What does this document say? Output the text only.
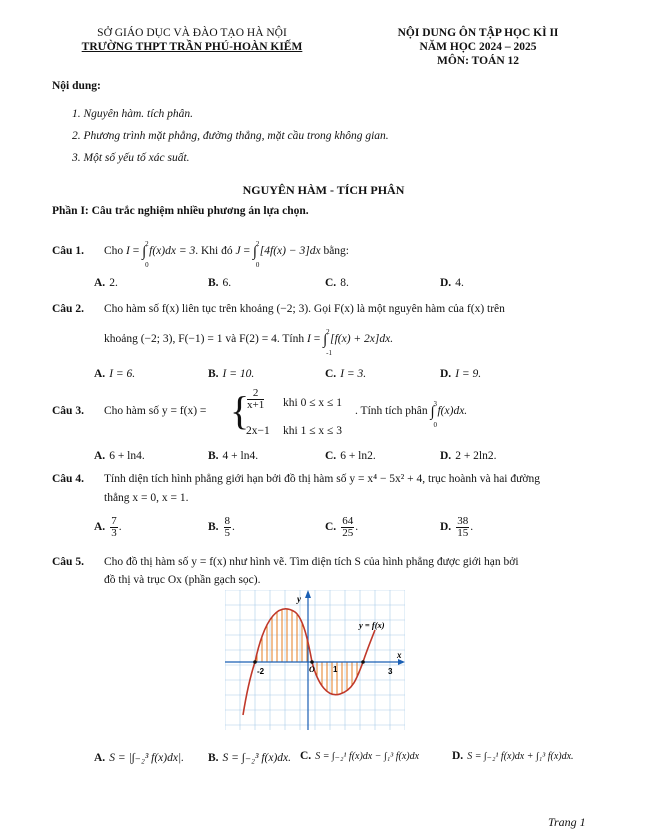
SỞ GIÁO DỤC VÀ ĐÀO TẠO HÀ NỘI
TRƯỜNG THPT TRẦN PHÚ-HOÀN KIẾM
NỘI DUNG ÔN TẬP HỌC KÌ II
NĂM HỌC 2024 – 2025
MÔN: TOÁN 12
Nội dung:
1. Nguyên hàm. tích phân.
2. Phương trình mặt phẳng, đường thẳng, mặt cầu trong không gian.
3. Một số yếu tố xác suất.
NGUYÊN HÀM - TÍCH PHÂN
Phần I: Câu trắc nghiệm nhiều phương án lựa chọn.
Câu 1. Cho I = ∫
2
0
f(x)dx = 3. Khi đó J = ∫
2
0
[4f(x) − 3]dx bằng:
A. 2.	B. 6.	C. 8.	D. 4.
Câu 2. Cho hàm số f(x) liên tục trên khoảng (−2; 3). Gọi F(x) là một nguyên hàm của f(x) trên
khoảng (−2; 3), F(−1) = 1 và F(2) = 4. Tính I = ∫
2
-1
[f(x) + 2x]dx.
A. I = 6.	B. I = 10.	C. I = 3.	D. I = 9.
Câu 3. Cho hàm số y = f(x) = {
$\frac{2}{x+1}$ khi 0 ≤ x ≤ 1
2x−1 khi 1 ≤ x ≤ 3
. Tính tích phân ∫
3
0
f(x)dx.
A. 6 + ln4.	B. 4 + ln4.	C. 6 + ln2.	D. 2 + 2ln2.
Câu 4. Tính diện tích hình phẳng giới hạn bởi đồ thị hàm số y = x⁴ − 5x² + 4, trục hoành và hai đường
thẳng x = 0, x = 1.
A. $\frac{7}{3}$ .	B. $\frac{8}{5}$ .	C. $\frac{64}{25}$ .	D. $\frac{38}{15}$ .
Câu 5. Cho đồ thị hàm số y = f(x) như hình vẽ. Tìm diện tích S của hình phẳng được giới hạn bởi
đồ thị và trục Ox (phần gạch sọc).
y
x
y = f(x)
-2	O 1	3
A. S = |∫₋₂³ f(x)dx|. B. S = ∫₋₂³ f(x)dx. C. S = ∫₋₂¹ f(x)dx − ∫₁³ f(x)dx	D. S = ∫₋₂¹ f(x)dx + ∫₁³ f(x)dx.
Trang 1
